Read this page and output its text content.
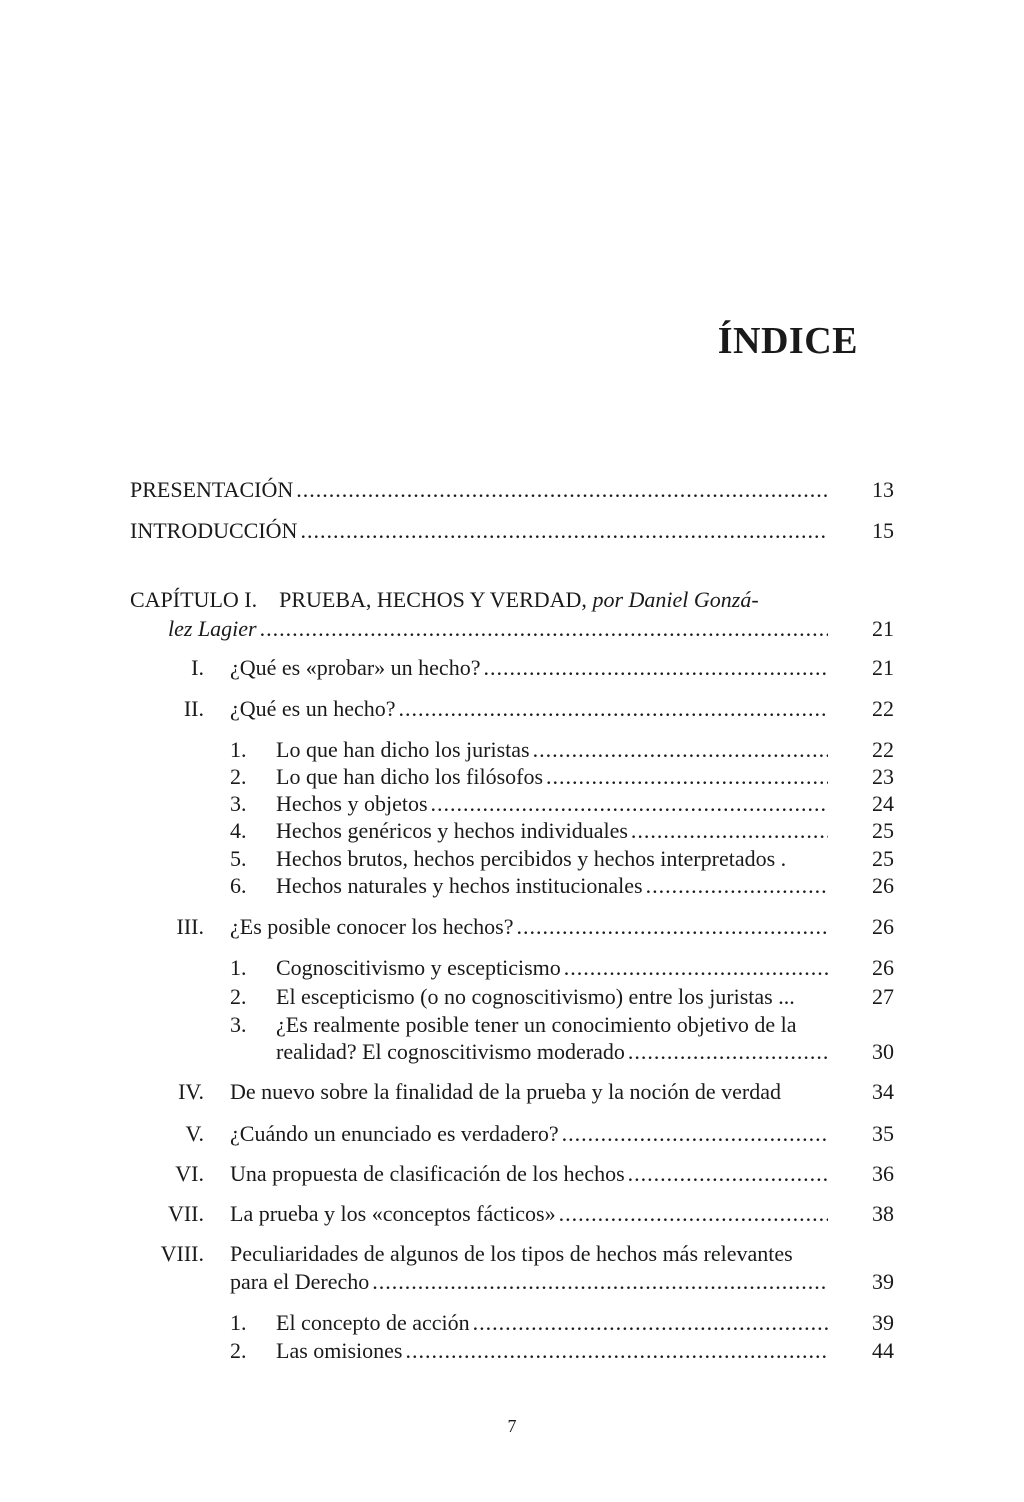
ÍNDICE
PRESENTACIÓN .....	13
INTRODUCCIÓN .....	15
CAPÍTULO I. PRUEBA, HECHOS Y VERDAD, por Daniel Gonzá-
lez Lagier .....	21
I. ¿Qué es «probar» un hecho? .....	21
II. ¿Qué es un hecho? .....	22
1. Lo que han dicho los juristas .....	22
2. Lo que han dicho los filósofos .....	23
3. Hechos y objetos .....	24
4. Hechos genéricos y hechos individuales .....	25
5. Hechos brutos, hechos percibidos y hechos interpretados .	25
6. Hechos naturales y hechos institucionales .....	26
III. ¿Es posible conocer los hechos? .....	26
1. Cognoscitivismo y escepticismo .....	26
2. El escepticismo (o no cognoscitivismo) entre los juristas ...	27
3. ¿Es realmente posible tener un conocimiento objetivo de la
realidad? El cognoscitivismo moderado .....	30
IV. De nuevo sobre la finalidad de la prueba y la noción de verdad	34
V. ¿Cuándo un enunciado es verdadero? .....	35
VI. Una propuesta de clasificación de los hechos .....	36
VII. La prueba y los «conceptos fácticos» .....	38
VIII. Peculiaridades de algunos de los tipos de hechos más relevantes
para el Derecho .....	39
1. El concepto de acción .....	39
2. Las omisiones .....	44
7
